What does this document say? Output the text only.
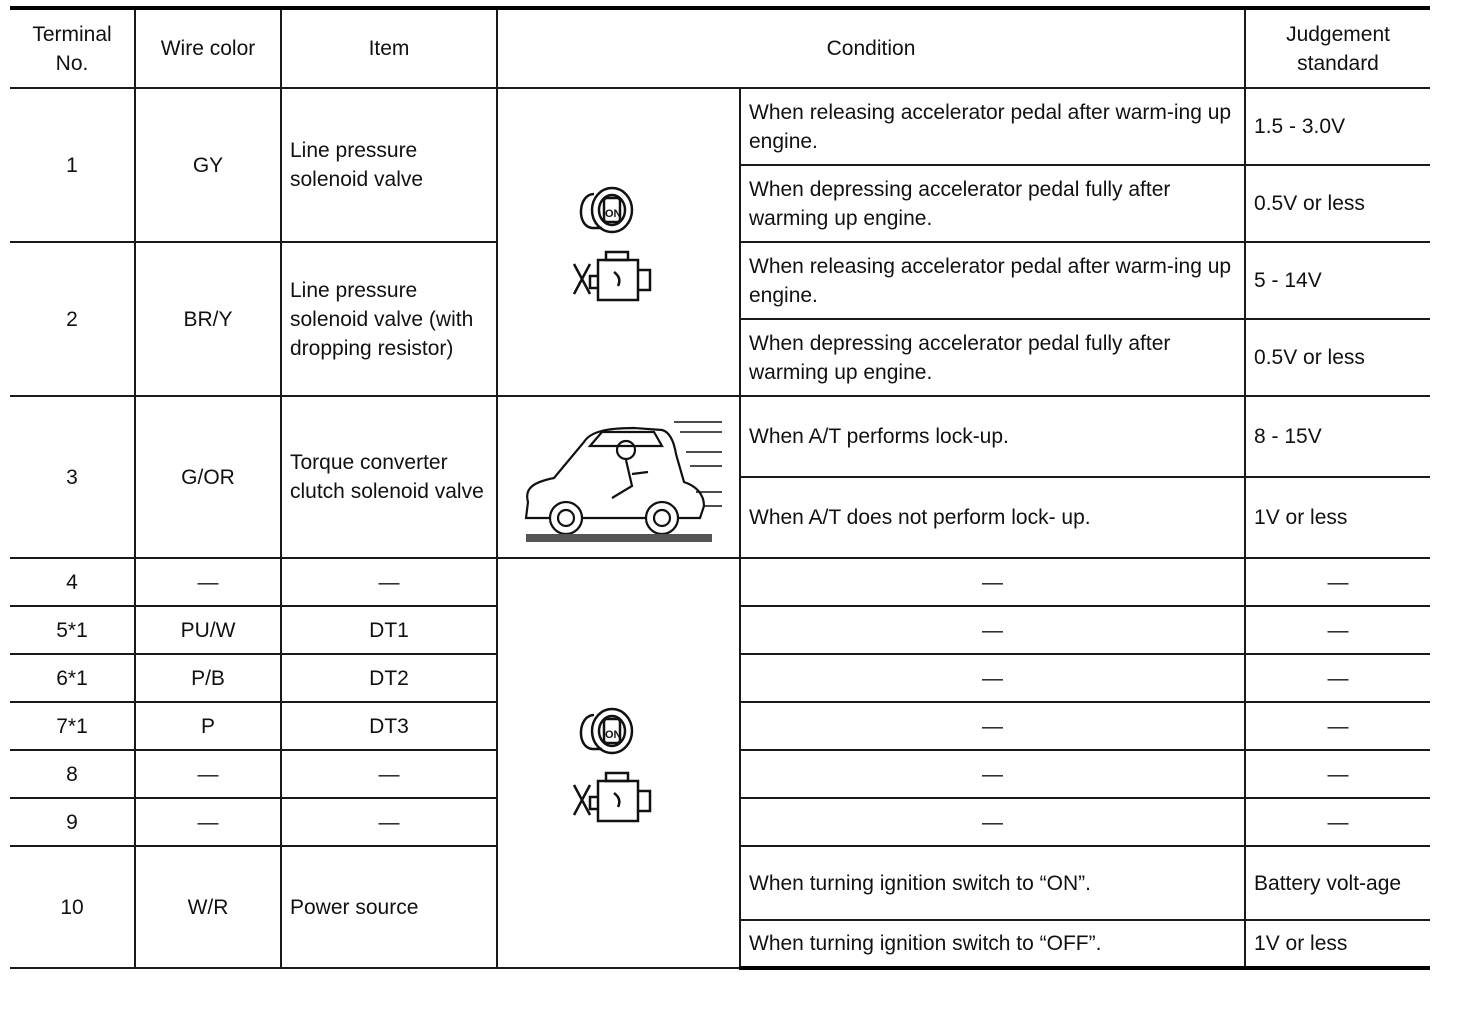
Terminal No.	Wire color	Item	Condition		Judgement standard
1	GY	Line pressure solenoid valve	ON	When releasing accelerator pedal after warm-ing up engine.	1.5 - 3.0V
				When depressing accelerator pedal fully after warming up engine.	0.5V or less
2	BR/Y	Line pressure solenoid valve (with dropping resistor)		When releasing accelerator pedal after warm-ing up engine.	5 - 14V
				When depressing accelerator pedal fully after warming up engine.	0.5V or less
3	G/OR	Torque converter clutch solenoid valve		When A/T performs lock-up.	8 - 15V
				When A/T does not perform lock- up.	1V or less
4	—	—	ON	—	—
5*1	PU/W	DT1		—	—
6*1	P/B	DT2		—	—
7*1	P	DT3		—	—
8	—	—		—	—
9	—	—		—	—
10	W/R	Power source		When turning ignition switch to “ON”.	Battery volt-age
				When turning ignition switch to “OFF”.	1V or less
